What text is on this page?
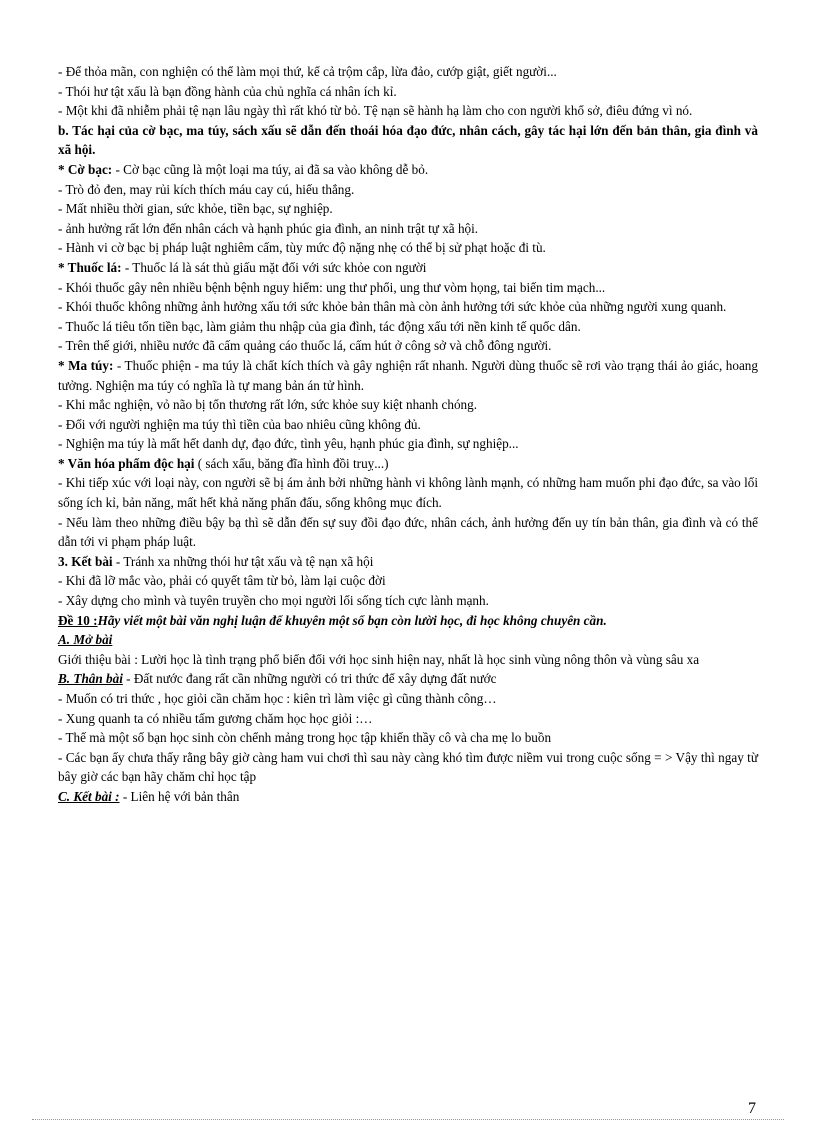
- Để thỏa mãn, con nghiện có thể làm mọi thứ, kể cả trộm cắp, lừa đảo, cướp giật, giết người...

- Thói hư tật xấu là bạn đồng hành của chủ nghĩa cá nhân ích kỉ.

- Một khi đã nhiễm phải tệ nạn lâu ngày thì rất khó từ bỏ. Tệ nạn sẽ hành hạ làm cho con người khổ sở, điêu đứng vì nó.

b. Tác hại của cờ bạc, ma túy, sách xấu sẽ dẫn đến thoái hóa đạo đức, nhân cách, gây tác hại lớn đến bản thân, gia đình và xã hội.

* Cờ bạc: - Cờ bạc cũng là một loại ma túy, ai đã sa vào không dễ bỏ.

- Trò đỏ đen, may rủi kích thích máu cay cú, hiếu thắng.

- Mất nhiều thời gian, sức khỏe, tiền bạc, sự nghiệp.

- ảnh hưởng rất lớn đến nhân cách và hạnh phúc gia đình, an ninh trật tự xã hội.

- Hành vi cờ bạc bị pháp luật nghiêm cấm, tùy mức độ nặng nhẹ có thể bị sử phạt hoặc đi tù.

* Thuốc lá: - Thuốc lá là sát thủ giấu mặt đối với sức khỏe con người

- Khói thuốc gây nên nhiều bệnh bệnh nguy hiểm: ung thư phổi, ung thư vòm họng, tai biến tim mạch...

- Khói thuốc không những ảnh hưởng xấu tới sức khỏe bản thân mà còn ảnh hưởng tới sức khỏe của những người xung quanh.

- Thuốc lá tiêu tốn tiền bạc, làm giảm thu nhập của gia đình, tác động xấu tới nền kinh tế quốc dân.

- Trên thế giới, nhiều nước đã cấm quảng cáo thuốc lá, cấm hút ở công sở và chỗ đông người.

* Ma túy: - Thuốc phiện - ma túy là chất kích thích và gây nghiện rất nhanh. Người dùng thuốc sẽ rơi vào trạng thái ảo giác, hoang tưởng. Nghiện ma túy có nghĩa là tự mang bản án tử hình.

- Khi mắc nghiện, vỏ não bị tổn thương rất lớn, sức khỏe suy kiệt nhanh chóng.

- Đối với người nghiện ma túy thì tiền của bao nhiêu cũng không đủ.

- Nghiện ma túy là mất hết danh dự, đạo đức, tình yêu, hạnh phúc gia đình, sự nghiệp...

* Văn hóa phẩm độc hại ( sách xấu, băng đĩa hình đồi truỵ...)

- Khi tiếp xúc với loại này, con người sẽ bị ám ảnh bởi những hành vi không lành mạnh, có những ham muốn phi đạo đức, sa vào lối sống ích kỉ, bản năng, mất hết khả năng phấn đấu, sống không mục đích.

- Nếu làm theo những điều bậy bạ thì sẽ dẫn đến sự suy đồi đạo đức, nhân cách, ảnh hưởng đến uy tín bản thân, gia đình và có thể dẫn tới vi phạm pháp luật.

3. Kết bài - Tránh xa những thói hư tật xấu và tệ nạn xã hội

- Khi đã lỡ mắc vào, phải có quyết tâm từ bỏ, làm lại cuộc đời

- Xây dựng cho mình và tuyên truyền cho mọi người lối sống tích cực lành mạnh.

Đề 10 :Hãy viết một bài văn nghị luận để khuyên một số bạn còn lười học, đi học không chuyên cần.

A. Mở bài

Giới thiệu bài : Lười học là tình trạng phổ biến đối với học sinh hiện nay, nhất là học sinh vùng nông thôn và vùng sâu xa

B. Thân bài - Đất nước đang rất cần những người có tri thức để xây dựng đất nước

- Muốn có tri thức , học giỏi cần chăm học : kiên trì làm việc gì cũng thành công…

- Xung quanh ta có nhiều tấm gương chăm học học giỏi :…

- Thế mà một số bạn học sinh còn chểnh mảng trong học tập khiến thầy cô và cha mẹ lo buồn

- Các bạn ấy chưa thấy rằng bây giờ càng ham vui chơi thì sau này càng khó tìm được niềm vui trong cuộc sống = > Vậy thì ngay từ bây giờ các bạn hãy chăm chỉ học tập

C. Kết bài : - Liên hệ với bản thân

7
